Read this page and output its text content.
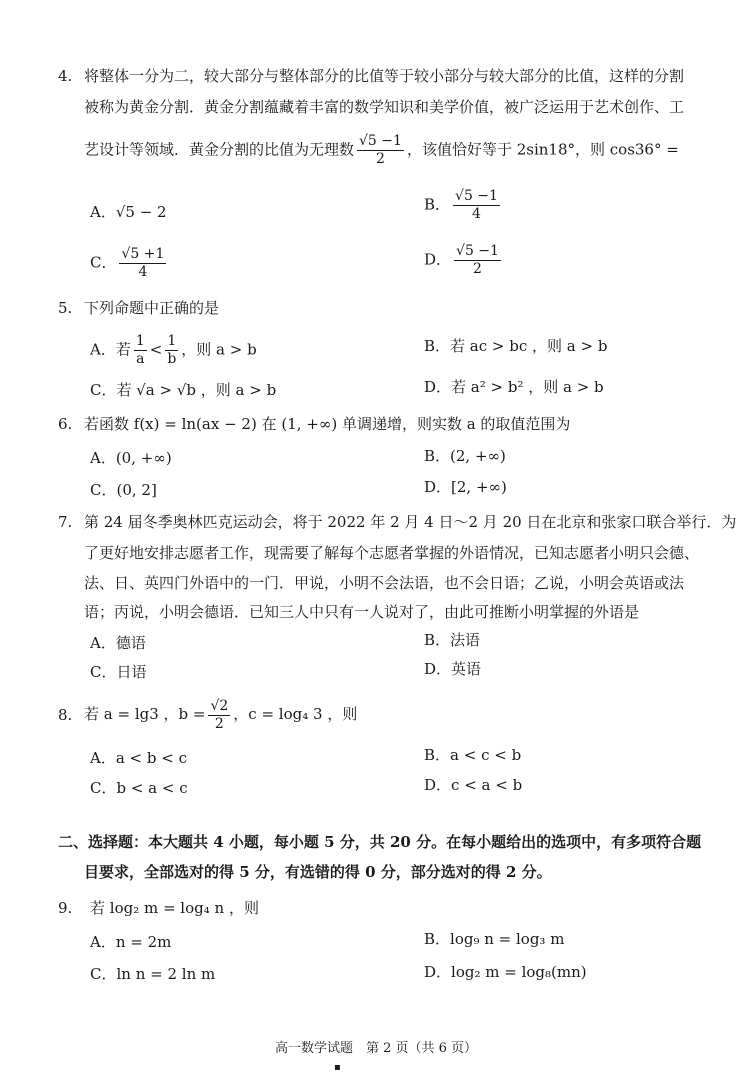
4. 将整体一分为二，较大部分与整体部分的比值等于较小部分与较大部分的比值，这样的分割
被称为黄金分割．黄金分割蕴藏着丰富的数学知识和美学价值，被广泛运用于艺术创作、工
艺设计等领域．黄金分割的比值为无理数 $\frac{√5 -1}{2}$ ，该值恰好等于 2sin18°，则 cos36° =
A．√5 − 2	B． $\frac{√5 -1}{4}$
C． $\frac{√5 +1}{4}$	D． $\frac{√5 -1}{2}$
5. 下列命题中正确的是
A．若 $\frac{1}{a} < \frac{1}{b}$ ，则 a > b	B．若 ac > bc ，则 a > b
C．若 √a > √b ，则 a > b	D．若 a² > b² ，则 a > b
6. 若函数 f(x) = ln(ax − 2) 在 (1, +∞) 单调递增，则实数 a 的取值范围为
A．(0, +∞)	B．(2, +∞)
C．(0, 2]	D．[2, +∞)
7. 第 24 届冬季奥林匹克运动会，将于 2022 年 2 月 4 日～2 月 20 日在北京和张家口联合举行．为
了更好地安排志愿者工作，现需要了解每个志愿者掌握的外语情况，已知志愿者小明只会德、
法、日、英四门外语中的一门．甲说，小明不会法语，也不会日语；乙说，小明会英语或法
语；丙说，小明会德语．已知三人中只有一人说对了，由此可推断小明掌握的外语是
A．德语	B．法语
C．日语	D．英语
8. 若 a = lg3 ，$b = \frac{√2}{2}$ ，c = log₄ 3 ，则
A．a < b < c	B．a < c < b
C．b < a < c	D．c < a < b
二、选择题：本大题共 4 小题，每小题 5 分，共 20 分。在每小题给出的选项中，有多项符合题
目要求，全部选对的得 5 分，有选错的得 0 分，部分选对的得 2 分。
9. 若 log₂ m = log₄ n ，则
A．n = 2m	B．log₉ n = log₃ m
C．ln n = 2 ln m	D．log₂ m = log₈(mn)
高一数学试题　第 2 页（共 6 页）
▪
